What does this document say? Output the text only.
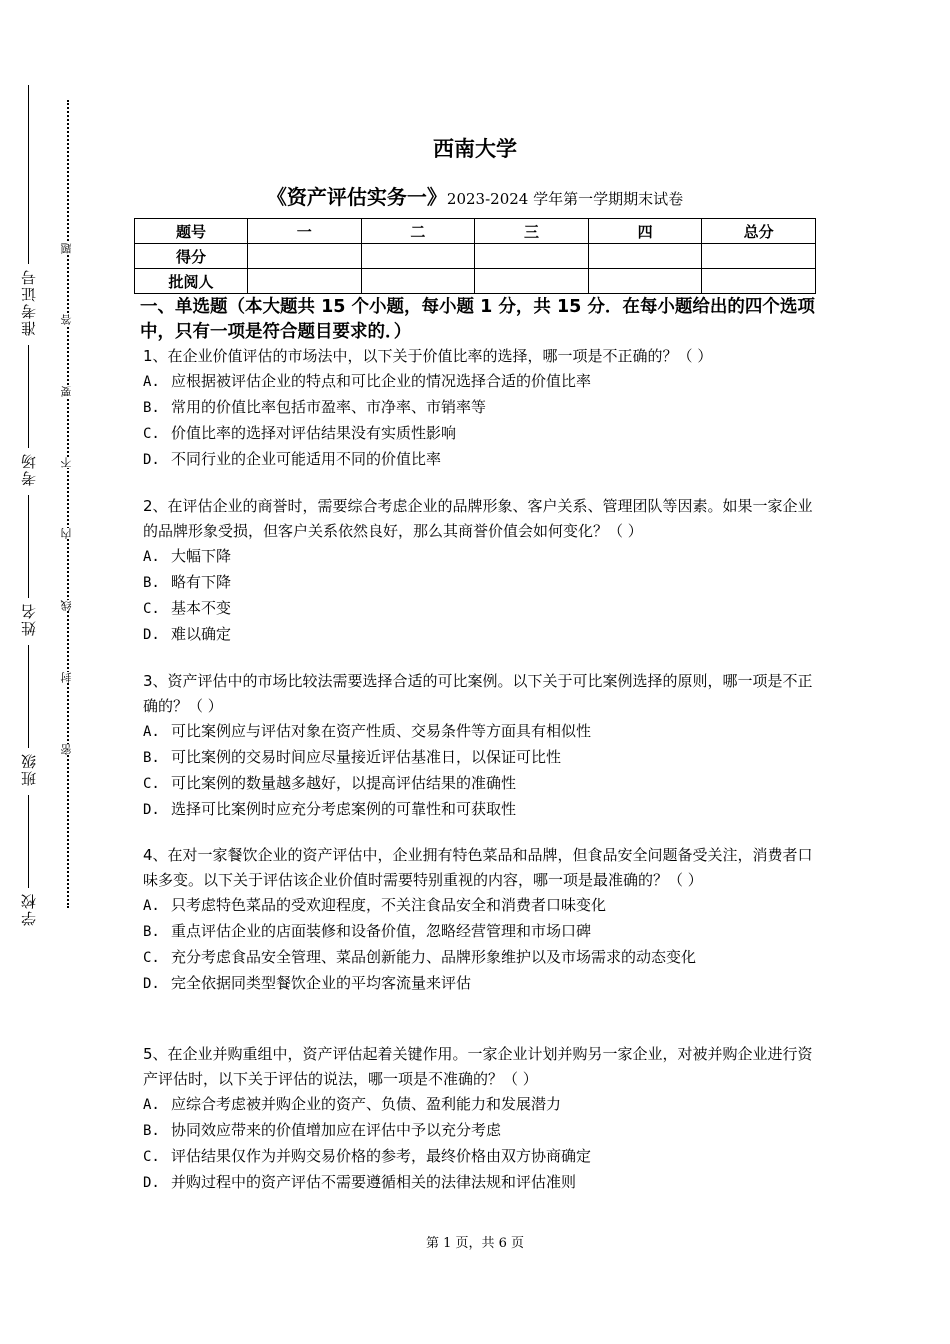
准考证号
考场
姓名
班级
学校
题
答
要
不
内
线
封
密
西南大学
《资产评估实务一》2023-2024 学年第一学期期末试卷
题号	一	二	三	四	总分
得分					
批阅人					
一、单选题（本大题共 15 个小题，每小题 1 分，共 15 分．在每小题给出的四个选项中，只有一项是符合题目要求的．）

1、在企业价值评估的市场法中，以下关于价值比率的选择，哪一项是不正确的？（ ）

A. 应根据被评估企业的特点和可比企业的情况选择合适的价值比率

B. 常用的价值比率包括市盈率、市净率、市销率等

C. 价值比率的选择对评估结果没有实质性影响

D. 不同行业的企业可能适用不同的价值比率

2、在评估企业的商誉时，需要综合考虑企业的品牌形象、客户关系、管理团队等因素。如果一家企业的品牌形象受损，但客户关系依然良好，那么其商誉价值会如何变化？（ ）

A. 大幅下降

B. 略有下降

C. 基本不变

D. 难以确定

3、资产评估中的市场比较法需要选择合适的可比案例。以下关于可比案例选择的原则，哪一项是不正确的？（ ）

A. 可比案例应与评估对象在资产性质、交易条件等方面具有相似性

B. 可比案例的交易时间应尽量接近评估基准日，以保证可比性

C. 可比案例的数量越多越好，以提高评估结果的准确性

D. 选择可比案例时应充分考虑案例的可靠性和可获取性

4、在对一家餐饮企业的资产评估中，企业拥有特色菜品和品牌，但食品安全问题备受关注，消费者口味多变。以下关于评估该企业价值时需要特别重视的内容，哪一项是最准确的？（ ）

A. 只考虑特色菜品的受欢迎程度，不关注食品安全和消费者口味变化

B. 重点评估企业的店面装修和设备价值，忽略经营管理和市场口碑

C. 充分考虑食品安全管理、菜品创新能力、品牌形象维护以及市场需求的动态变化

D. 完全依据同类型餐饮企业的平均客流量来评估

5、在企业并购重组中，资产评估起着关键作用。一家企业计划并购另一家企业，对被并购企业进行资产评估时，以下关于评估的说法，哪一项是不准确的？（ ）

A. 应综合考虑被并购企业的资产、负债、盈利能力和发展潜力

B. 协同效应带来的价值增加应在评估中予以充分考虑

C. 评估结果仅作为并购交易价格的参考，最终价格由双方协商确定

D. 并购过程中的资产评估不需要遵循相关的法律法规和评估准则

第 1 页，共 6 页
